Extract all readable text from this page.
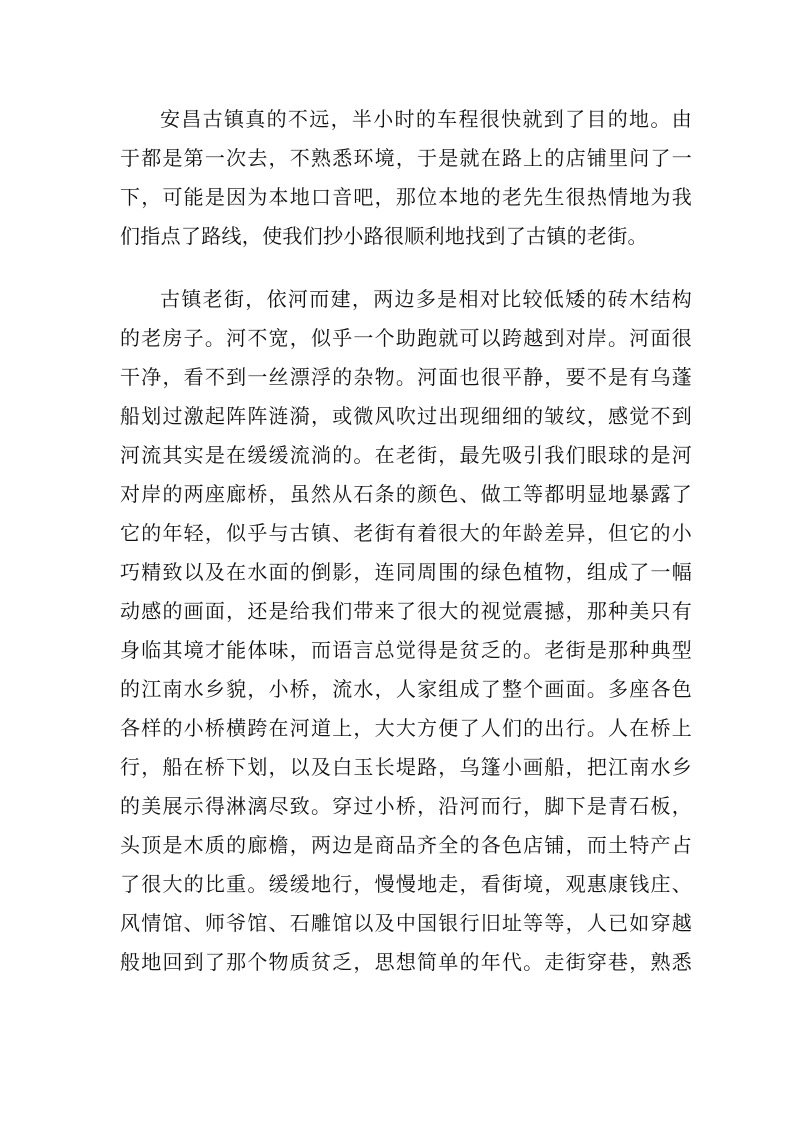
安昌古镇真的不远，半小时的车程很快就到了目的地。由
于都是第一次去，不熟悉环境，于是就在路上的店铺里问了一
下，可能是因为本地口音吧，那位本地的老先生很热情地为我
们指点了路线，使我们抄小路很顺利地找到了古镇的老街。
古镇老街，依河而建，两边多是相对比较低矮的砖木结构
的老房子。河不宽，似乎一个助跑就可以跨越到对岸。河面很
干净，看不到一丝漂浮的杂物。河面也很平静，要不是有乌蓬
船划过激起阵阵涟漪，或微风吹过出现细细的皱纹，感觉不到
河流其实是在缓缓流淌的。在老街，最先吸引我们眼球的是河
对岸的两座廊桥，虽然从石条的颜色、做工等都明显地暴露了
它的年轻，似乎与古镇、老街有着很大的年龄差异，但它的小
巧精致以及在水面的倒影，连同周围的绿色植物，组成了一幅
动感的画面，还是给我们带来了很大的视觉震撼，那种美只有
身临其境才能体味，而语言总觉得是贫乏的。老街是那种典型
的江南水乡貌，小桥，流水，人家组成了整个画面。多座各色
各样的小桥横跨在河道上，大大方便了人们的出行。人在桥上
行，船在桥下划，以及白玉长堤路，乌篷小画船，把江南水乡
的美展示得淋漓尽致。穿过小桥，沿河而行，脚下是青石板，
头顶是木质的廊檐，两边是商品齐全的各色店铺，而土特产占
了很大的比重。缓缓地行，慢慢地走，看街境，观惠康钱庄、
风情馆、师爷馆、石雕馆以及中国银行旧址等等，人已如穿越
般地回到了那个物质贫乏，思想简单的年代。走街穿巷，熟悉
